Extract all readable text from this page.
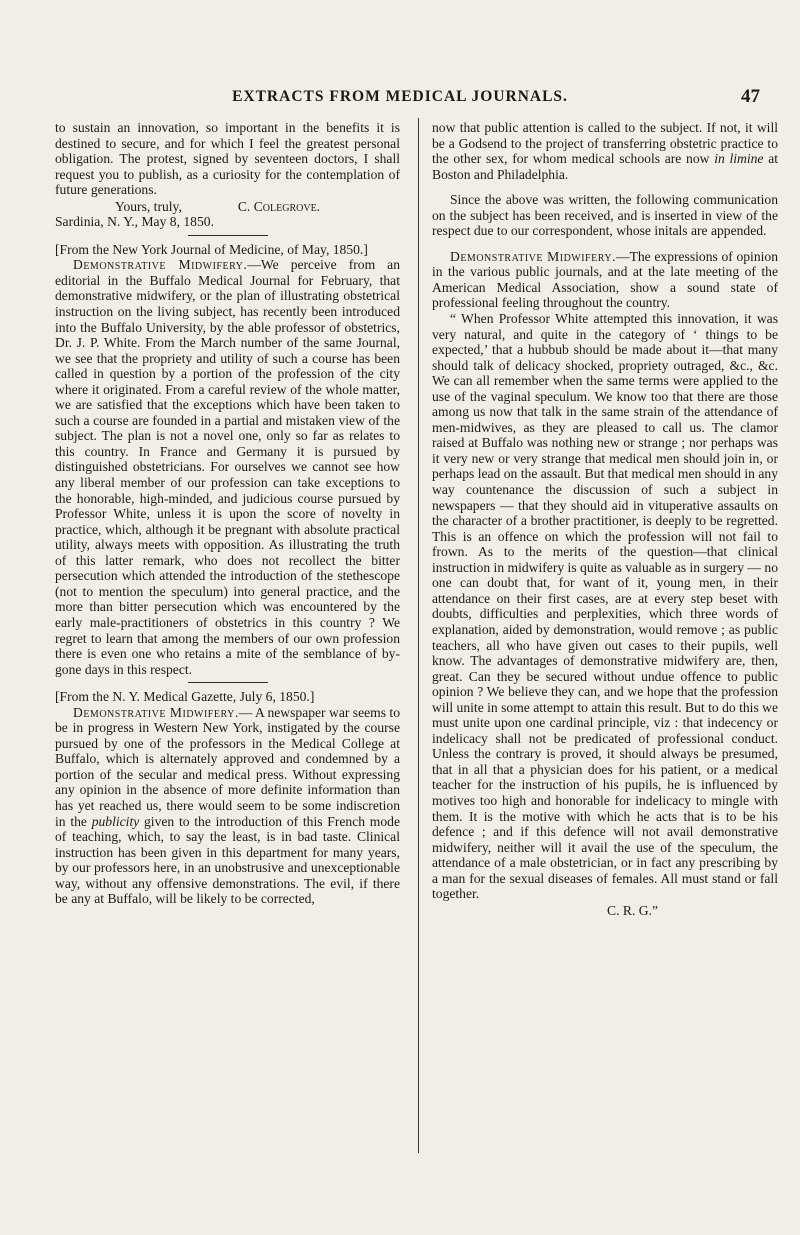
EXTRACTS FROM MEDICAL JOURNALS.	47

to sustain an innovation, so important in the benefits it is destined to secure, and for which I feel the greatest personal obligation. The protest, signed by seventeen doctors, I shall request you to publish, as a curiosity for the contemplation of future generations.

Yours, truly,	C. Colegrove.

Sardinia, N. Y., May 8, 1850.

[From the New York Journal of Medicine, of May, 1850.]

Demonstrative Midwifery.—We perceive from an editorial in the Buffalo Medical Journal for February, that demonstrative midwifery, or the plan of illustrating obstetrical instruction on the living subject, has recently been introduced into the Buffalo University, by the able professor of obstetrics, Dr. J. P. White. From the March number of the same Journal, we see that the propriety and utility of such a course has been called in question by a portion of the profession of the city where it originated. From a careful review of the whole matter, we are satisfied that the exceptions which have been taken to such a course are founded in a partial and mistaken view of the subject. The plan is not a novel one, only so far as relates to this country. In France and Germany it is pursued by distinguished obstetricians. For ourselves we cannot see how any liberal member of our profession can take exceptions to the honorable, high-minded, and judicious course pursued by Professor White, unless it is upon the score of novelty in practice, which, although it be pregnant with absolute practical utility, always meets with opposition. As illustrating the truth of this latter remark, who does not recollect the bitter persecution which attended the introduction of the stethescope (not to mention the speculum) into general practice, and the more than bitter persecution which was encountered by the early male-practitioners of obstetrics in this country ? We regret to learn that among the members of our own profession there is even one who retains a mite of the semblance of by-gone days in this respect.

[From the N. Y. Medical Gazette, July 6, 1850.]

Demonstrative Midwifery.— A newspaper war seems to be in progress in Western New York, instigated by the course pursued by one of the professors in the Medical College at Buffalo, which is alternately approved and condemned by a portion of the secular and medical press. Without expressing any opinion in the absence of more definite information than has yet reached us, there would seem to be some indiscretion in the publicity given to the introduction of this French mode of teaching, which, to say the least, is in bad taste. Clinical instruction has been given in this department for many years, by our professors here, in an unobstrusive and unexceptionable way, without any offensive demonstrations. The evil, if there be any at Buffalo, will be likely to be corrected,

now that public attention is called to the subject. If not, it will be a Godsend to the project of transferring obstetric practice to the other sex, for whom medical schools are now in limine at Boston and Philadelphia.

Since the above was written, the following communication on the subject has been received, and is inserted in view of the respect due to our correspondent, whose initals are appended.

Demonstrative Midwifery.—The expressions of opinion in the various public journals, and at the late meeting of the American Medical Association, show a sound state of professional feeling throughout the country.

“ When Professor White attempted this innovation, it was very natural, and quite in the category of ‘ things to be expected,’ that a hubbub should be made about it—that many should talk of delicacy shocked, propriety outraged, &c., &c. We can all remember when the same terms were applied to the use of the vaginal speculum. We know too that there are those among us now that talk in the same strain of the attendance of men-midwives, as they are pleased to call us. The clamor raised at Buffalo was nothing new or strange ; nor perhaps was it very new or very strange that medical men should join in, or perhaps lead on the assault. But that medical men should in any way countenance the discussion of such a subject in newspapers — that they should aid in vituperative assaults on the character of a brother practitioner, is deeply to be regretted. This is an offence on which the profession will not fail to frown. As to the merits of the question—that clinical instruction in midwifery is quite as valuable as in surgery — no one can doubt that, for want of it, young men, in their attendance on their first cases, are at every step beset with doubts, difficulties and perplexities, which three words of explanation, aided by demonstration, would remove ; as public teachers, all who have given out cases to their pupils, well know. The advantages of demonstrative midwifery are, then, great. Can they be secured without undue offence to public opinion ? We believe they can, and we hope that the profession will unite in some attempt to attain this result. But to do this we must unite upon one cardinal principle, viz : that indecency or indelicacy shall not be predicated of professional conduct. Unless the contrary is proved, it should always be presumed, that in all that a physician does for his patient, or a medical teacher for the instruction of his pupils, he is influenced by motives too high and honorable for indelicacy to mingle with them. It is the motive with which he acts that is to be his defence ; and if this defence will not avail demonstrative midwifery, neither will it avail the use of the speculum, the attendance of a male obstetrician, or in fact any prescribing by a man for the sexual diseases of females. All must stand or fall together.

C. R. G.”
